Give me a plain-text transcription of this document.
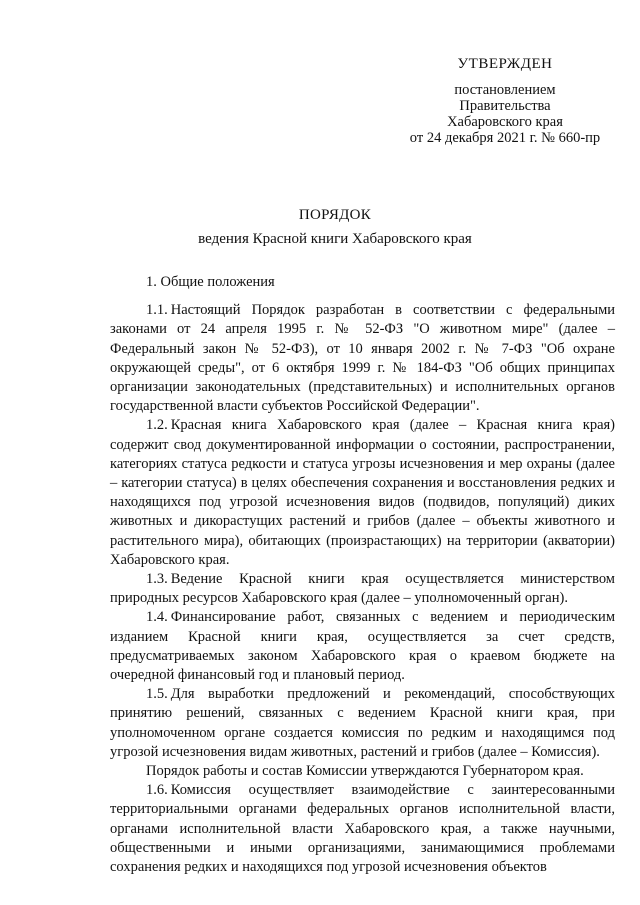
УТВЕРЖДЕН
постановлением
Правительства
Хабаровского края
от 24 декабря 2021 г. № 660-пр
ПОРЯДОК
ведения Красной книги Хабаровского края

1. Общие положения

1.1. Настоящий Порядок разработан в соответствии с федеральными законами от 24 апреля 1995 г. № 52-ФЗ "О животном мире" (далее – Федеральный закон № 52-ФЗ), от 10 января 2002 г. № 7-ФЗ "Об охране окружающей среды", от 6 октября 1999 г. № 184-ФЗ "Об общих принципах организации законодательных (представительных) и исполнительных органов государственной власти субъектов Российской Федерации".

1.2. Красная книга Хабаровского края (далее – Красная книга края) содержит свод документированной информации о состоянии, распространении, категориях статуса редкости и статуса угрозы исчезновения и мер охраны (далее – категории статуса) в целях обеспечения сохранения и восстановления редких и находящихся под угрозой исчезновения видов (подвидов, популяций) диких животных и дикорастущих растений и грибов (далее – объекты животного и растительного мира), обитающих (произрастающих) на территории (акватории) Хабаровского края.

1.3. Ведение Красной книги края осуществляется министерством природных ресурсов Хабаровского края (далее – уполномоченный орган).

1.4. Финансирование работ, связанных с ведением и периодическим изданием Красной книги края, осуществляется за счет средств, предусматриваемых законом Хабаровского края о краевом бюджете на очередной финансовый год и плановый период.

1.5. Для выработки предложений и рекомендаций, способствующих принятию решений, связанных с ведением Красной книги края, при уполномоченном органе создается комиссия по редким и находящимся под угрозой исчезновения видам животных, растений и грибов (далее – Комиссия).

Порядок работы и состав Комиссии утверждаются Губернатором края.

1.6. Комиссия осуществляет взаимодействие с заинтересованными территориальными органами федеральных органов исполнительной власти, органами исполнительной власти Хабаровского края, а также научными, общественными и иными организациями, занимающимися проблемами сохранения редких и находящихся под угрозой исчезновения объектов
